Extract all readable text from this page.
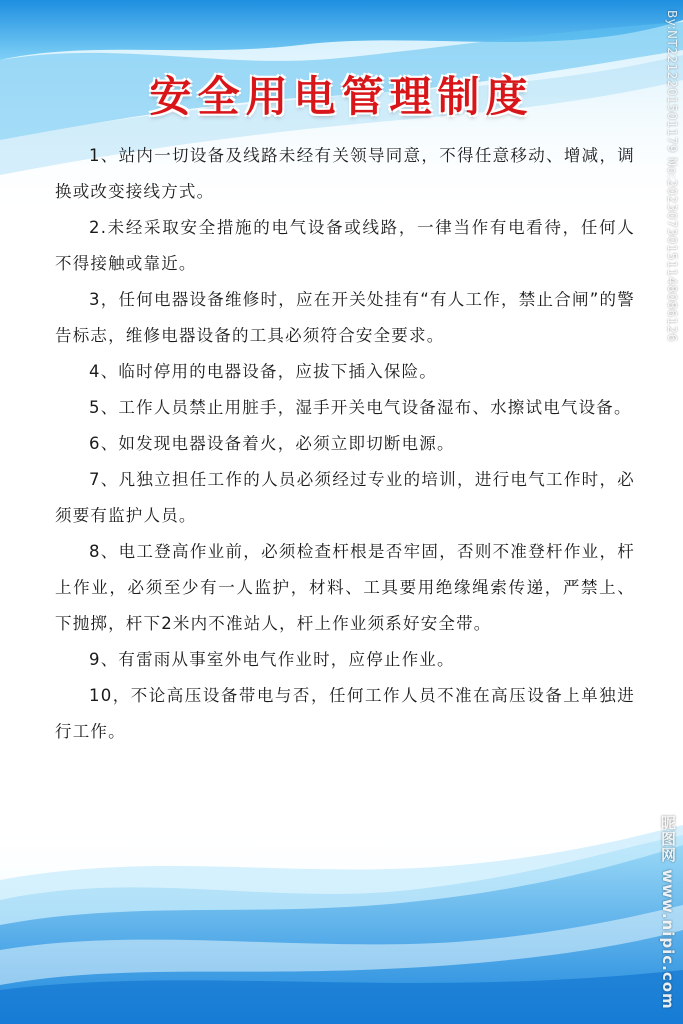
安全用电管理制度

1、站内一切设备及线路未经有关领导同意，不得任意移动、增减，调换或改变接线方式。

2.未经采取安全措施的电气设备或线路，一律当作有电看待，任何人不得接触或靠近。

3，任何电器设备维修时，应在开关处挂有“有人工作，禁止合闸”的警告标志，维修电器设备的工具必须符合安全要求。

4、临时停用的电器设备，应拔下插入保险。

5、工作人员禁止用脏手，湿手开关电气设备湿布、水擦试电气设备。

6、如发现电器设备着火，必须立即切断电源。

7、凡独立担任工作的人员必须经过专业的培训，进行电气工作时，必须要有监护人员。

8、电工登高作业前，必须检查杆根是否牢固，否则不准登杆作业，杆上作业，必须至少有一人监护，材料、工具要用绝缘绳索传递，严禁上、下抛掷，杆下2米内不准站人，杆上作业须系好安全带。

9、有雷雨从事室外电气作业时，应停止作业。

10，不论高压设备带电与否，任何工作人员不准在高压设备上单独进行工作。

By:NT2212201501179 No:20230730151148086126
昵图网 www.nipic.com
